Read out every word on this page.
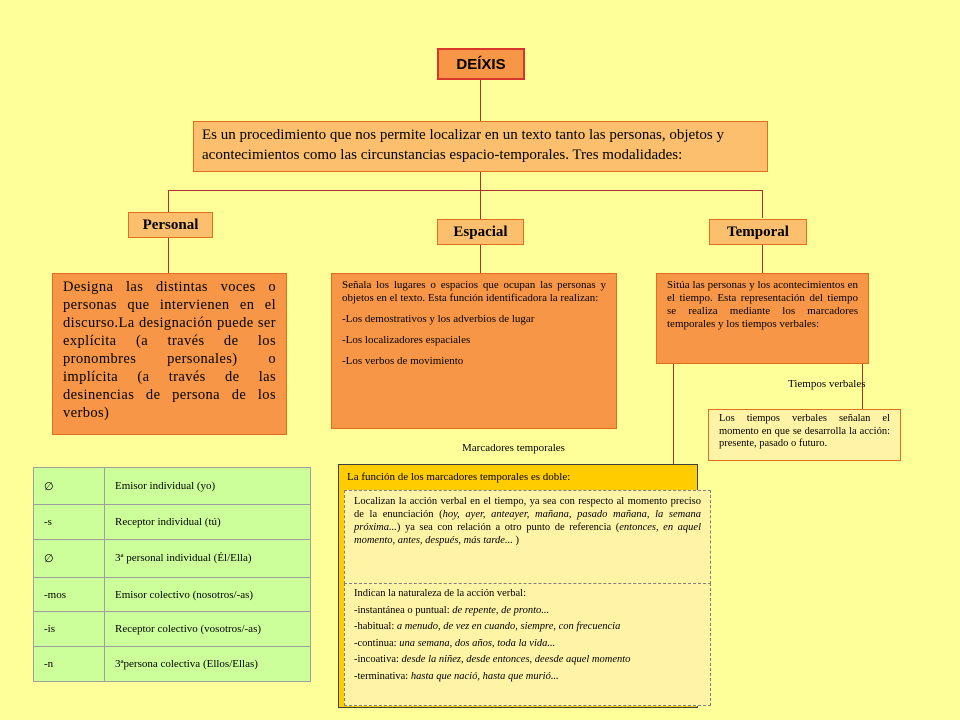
DEÍXIS
Es un procedimiento que nos permite localizar en un texto tanto las personas, objetos y acontecimientos como las circunstancias espacio-temporales. Tres modalidades:
Personal	Espacial	Temporal
Designa las distintas voces o personas que intervienen en el discurso.La designación puede ser explícita (a través de los pronombres personales) o implícita (a través de las desinencias de persona de los verbos)

Señala los lugares o espacios que ocupan las personas y objetos en el texto. Esta función identificadora la realizan:

-Los demostrativos y los adverbios de lugar

-Los localizadores espaciales

-Los verbos de movimiento

Sitúa las personas y los acontecimientos en el tiempo. Esta representación del tiempo se realiza mediante los marcadores temporales y los tiempos verbales:
Tiempos verbales
Los tiempos verbales señalan el momento en que se desarrolla la acción: presente, pasado o futuro.
Marcadores temporales
La función de los marcadores temporales es doble:
Localizan la acción verbal en el tiempo, ya sea con respecto al momento preciso de la enunciación (hoy, ayer, anteayer, mañana, pasado mañana, la semana próxima...) ya sea con relación a otro punto de referencia (entonces, en aquel momento, antes, después, más tarde... )
Indican la naturaleza de la acción verbal:
-instantánea o puntual: de repente, de pronto...
-habitual: a menudo, de vez en cuando, siempre, con frecuencia
-continua: una semana, dos años, toda la vida...
-incoativa: desde la niñez, desde entonces, deesde aquel momento
-terminativa: hasta que nació, hasta que murió...
∅	Emisor individual (yo)
-s	Receptor individual (tú)
∅	3ª personal individual (Él/Ella)
-mos	Emisor colectivo (nosotros/-as)
-is	Receptor colectivo (vosotros/-as)
-n	3ªpersona colectiva (Ellos/Ellas)
